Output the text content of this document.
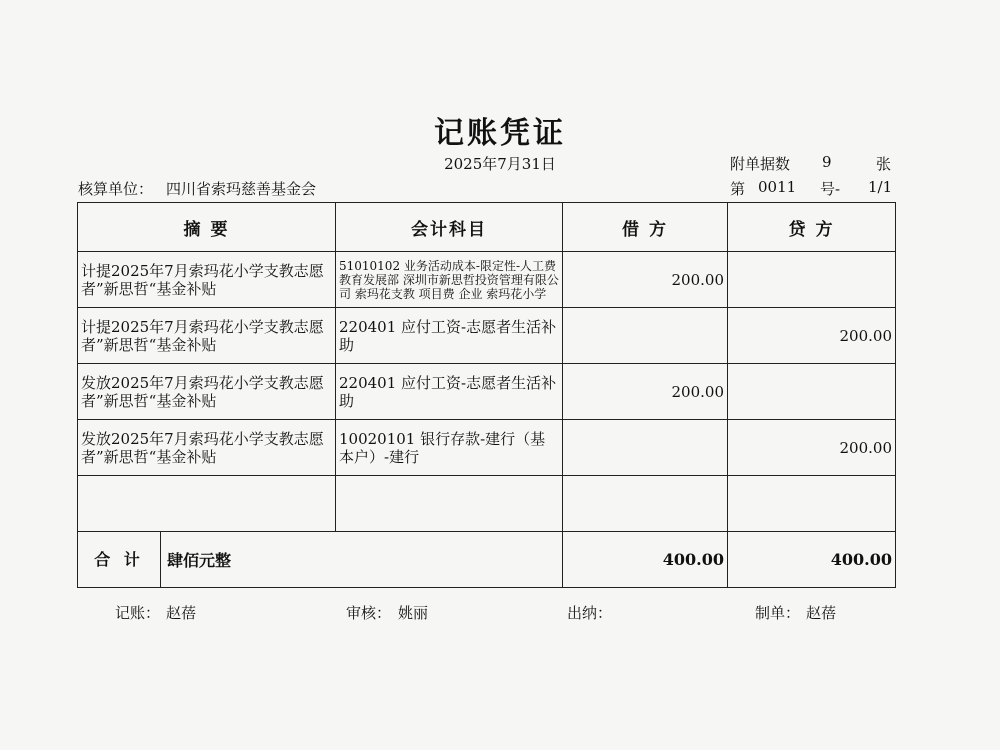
记账凭证
2025年7月31日	附单据数 9	张
核算单位： 四川省索玛慈善基金会	第 0011 号- 1/1
摘 要	会计科目	借 方	贷 方
计提2025年7月索玛花小学支教志愿者”新思哲“基金补贴	51010102 业务活动成本-限定性-人工费 教育发展部 深圳市新思哲投资管理有限公司 索玛花支教 项目费 企业 索玛花小学	200.00	
计提2025年7月索玛花小学支教志愿者”新思哲“基金补贴	220401 应付工资-志愿者生活补助		200.00
发放2025年7月索玛花小学支教志愿者”新思哲“基金补贴	220401 应付工资-志愿者生活补助	200.00	
发放2025年7月索玛花小学支教志愿者”新思哲“基金补贴	10020101 银行存款-建行（基本户）-建行		200.00

合 计 肆佰元整		400.00	400.00
记账： 赵蓓	审核： 姚丽	出纳：	制单： 赵蓓
